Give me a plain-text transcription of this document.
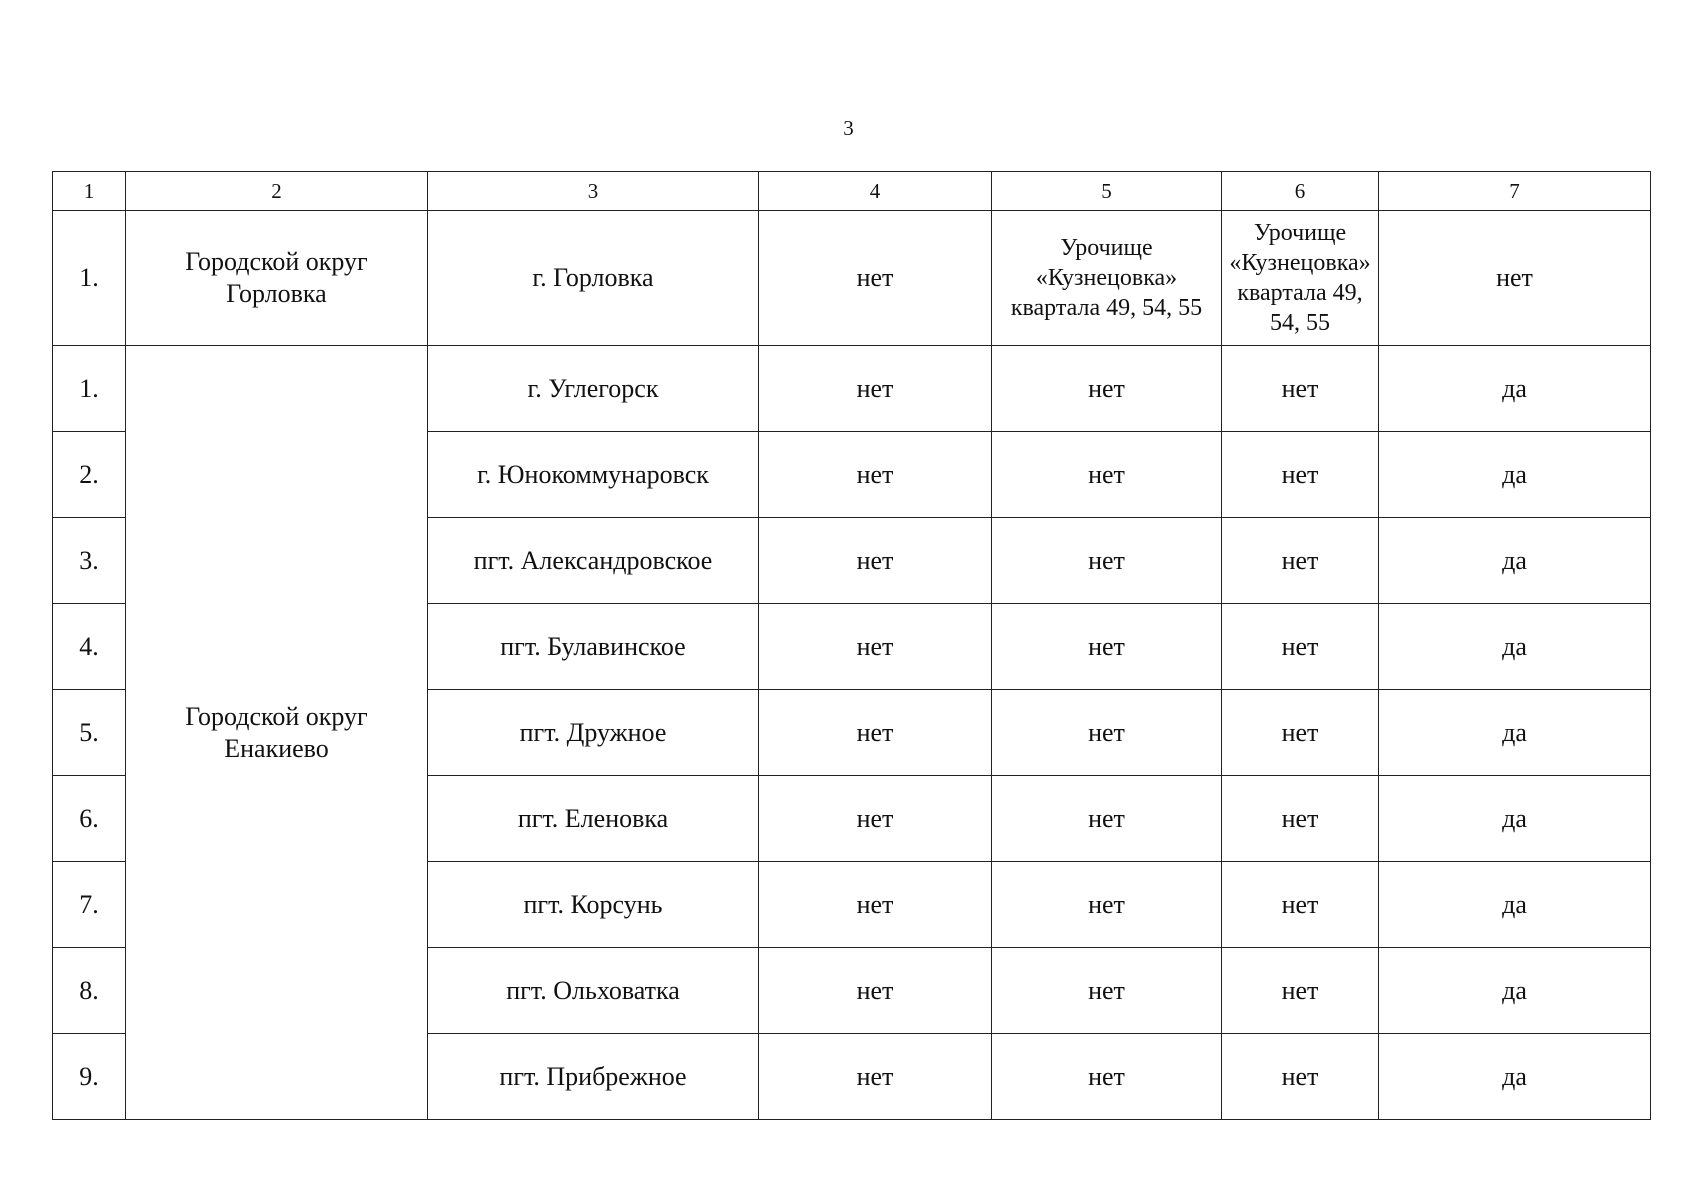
3
1	2	3	4	5	6	7
1.	Городской округ Горловка	г. Горловка	нет	Урочище «Кузнецовка» квартала 49, 54, 55	Урочище «Кузнецовка» квартала 49, 54, 55	нет
1.	Городской округ Енакиево	г. Углегорск	нет	нет	нет	да
2.		г. Юнокоммунаровск	нет	нет	нет	да
3.		пгт. Александровское	нет	нет	нет	да
4.		пгт. Булавинское	нет	нет	нет	да
5.		пгт. Дружное	нет	нет	нет	да
6.		пгт. Еленовка	нет	нет	нет	да
7.		пгт. Корсунь	нет	нет	нет	да
8.		пгт. Ольховатка	нет	нет	нет	да
9.		пгт. Прибрежное	нет	нет	нет	да
